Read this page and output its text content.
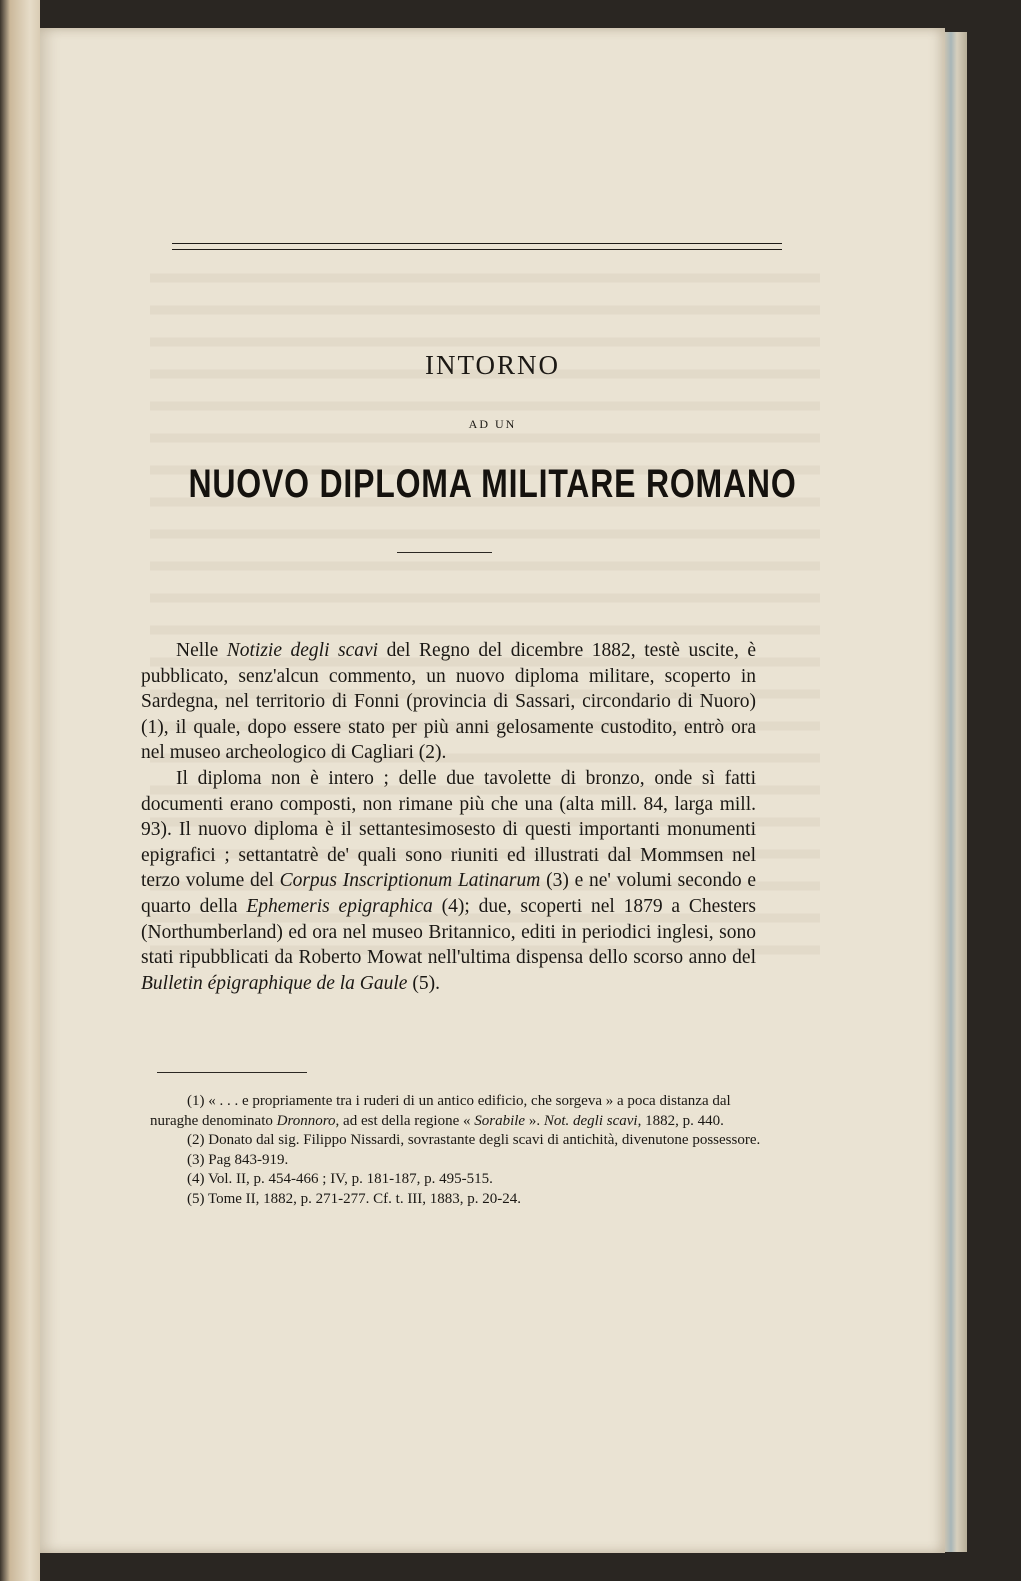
INTORNO
AD UN
NUOVO DIPLOMA MILITARE ROMANO

Nelle Notizie degli scavi del Regno del dicembre 1882, testè uscite, è pubblicato, senz'alcun commento, un nuovo diploma militare, scoperto in Sardegna, nel territorio di Fonni (provincia di Sassari, circondario di Nuoro) (1), il quale, dopo essere stato per più anni gelosamente custodito, entrò ora nel museo archeologico di Cagliari (2).

Il diploma non è intero ; delle due tavolette di bronzo, onde sì fatti documenti erano composti, non rimane più che una (alta mill. 84, larga mill. 93). Il nuovo diploma è il settantesimosesto di questi importanti monumenti epigrafici ; settantatrè de' quali sono riuniti ed illustrati dal Mommsen nel terzo volume del Corpus Inscriptionum Latinarum (3) e ne' volumi secondo e quarto della Ephemeris epigraphica (4); due, scoperti nel 1879 a Chesters (Northumberland) ed ora nel museo Britannico, editi in periodici inglesi, sono stati ripubblicati da Roberto Mowat nell'ultima dispensa dello scorso anno del Bulletin épigraphique de la Gaule (5).

(1) « . . . e propriamente tra i ruderi di un antico edificio, che sorgeva » a poca distanza dal nuraghe denominato Dronnoro, ad est della regione « Sorabile ». Not. degli scavi, 1882, p. 440.

(2) Donato dal sig. Filippo Nissardi, sovrastante degli scavi di antichità, divenutone possessore.

(3) Pag 843-919.

(4) Vol. II, p. 454-466 ; IV, p. 181-187, p. 495-515.

(5) Tome II, 1882, p. 271-277. Cf. t. III, 1883, p. 20-24.
